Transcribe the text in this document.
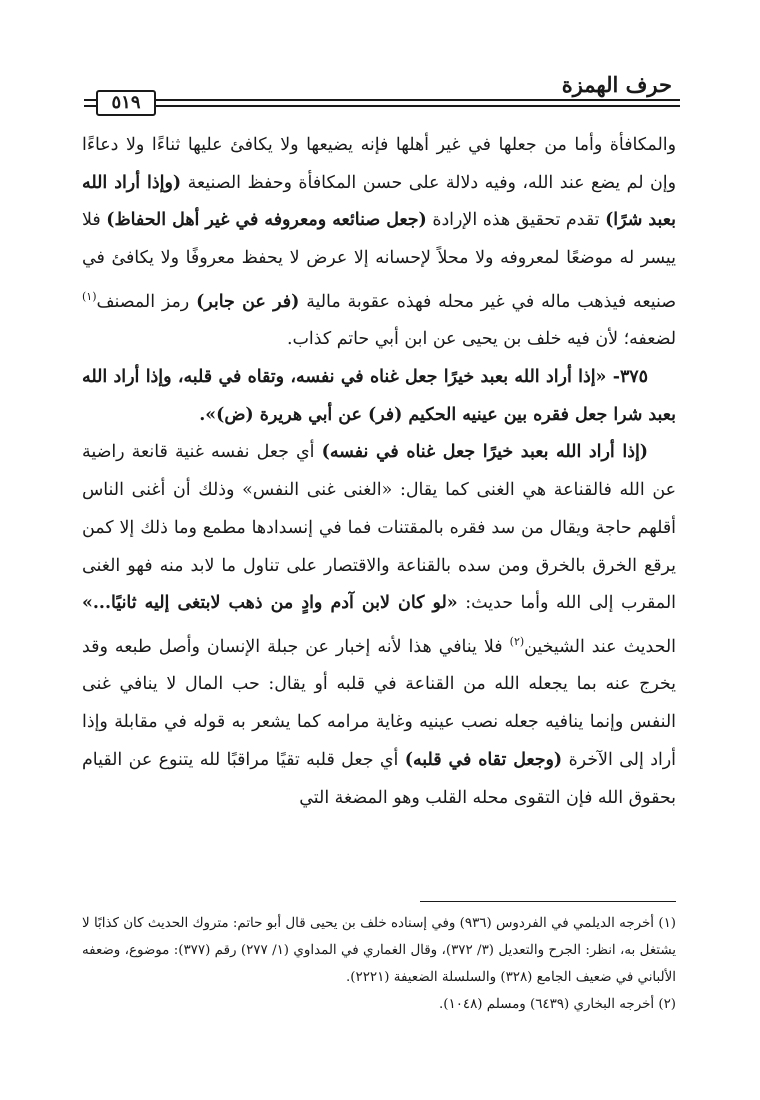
حرف الهمزة
٥١٩

والمكافأة وأما من جعلها في غير أهلها فإنه يضيعها ولا يكافئ عليها ثناءًا ولا دعاءًا وإن لم يضع عند الله، وفيه دلالة على حسن المكافأة وحفظ الصنيعة (وإذا أراد الله بعبد شرًا) تقدم تحقيق هذه الإرادة (جعل صنائعه ومعروفه في غير أهل الحفاظ) فلا ييسر له موضعًا لمعروفه ولا محلاً لإحسانه إلا عرض لا يحفظ معروفًا ولا يكافئ في صنيعه فيذهب ماله في غير محله فهذه عقوبة مالية (فر عن جابر) رمز المصنف$^{(١)}$ لضعفه؛ لأن فيه خلف بن يحيى عن ابن أبي حاتم كذاب.

٣٧٥- «إذا أراد الله بعبد خيرًا جعل غناه في نفسه، وتقاه في قلبه، وإذا أراد الله بعبد شرا جعل فقره بين عينيه الحكيم (فر) عن أبي هريرة (ض)».

(إذا أراد الله بعبد خيرًا جعل غناه في نفسه) أي جعل نفسه غنية قانعة راضية عن الله فالقناعة هي الغنى كما يقال: «الغنى غنى النفس» وذلك أن أغنى الناس أقلهم حاجة ويقال من سد فقره بالمقتنات فما في إنسدادها مطمع وما ذلك إلا كمن يرقع الخرق بالخرق ومن سده بالقناعة والاقتصار على تناول ما لابد منه فهو الغنى المقرب إلى الله وأما حديث: «لو كان لابن آدم وادٍ من ذهب لابتغى إليه ثانيًا...» الحديث عند الشيخين$^{(٢)}$ فلا ينافي هذا لأنه إخبار عن جبلة الإنسان وأصل طبعه وقد يخرج عنه بما يجعله الله من القناعة في قلبه أو يقال: حب المال لا ينافي غنى النفس وإنما ينافيه جعله نصب عينيه وغاية مرامه كما يشعر به قوله في مقابلة وإذا أراد إلى الآخرة (وجعل تقاه في قلبه) أي جعل قلبه تقيًا مراقبًا لله يتنوع عن القيام بحقوق الله فإن التقوى محله القلب وهو المضغة التي

(١) أخرجه الديلمي في الفردوس (٩٣٦) وفي إسناده خلف بن يحيى قال أبو حاتم: متروك الحديث كان كذابًا لا يشتغل به، انظر: الجرح والتعديل (٣/ ٣٧٢)، وقال الغماري في المداوي (١/ ٢٧٧) رقم (٣٧٧): موضوع، وضعفه الألباني في ضعيف الجامع (٣٢٨) والسلسلة الضعيفة (٢٢٢١).

(٢) أخرجه البخاري (٦٤٣٩) ومسلم (١٠٤٨).
